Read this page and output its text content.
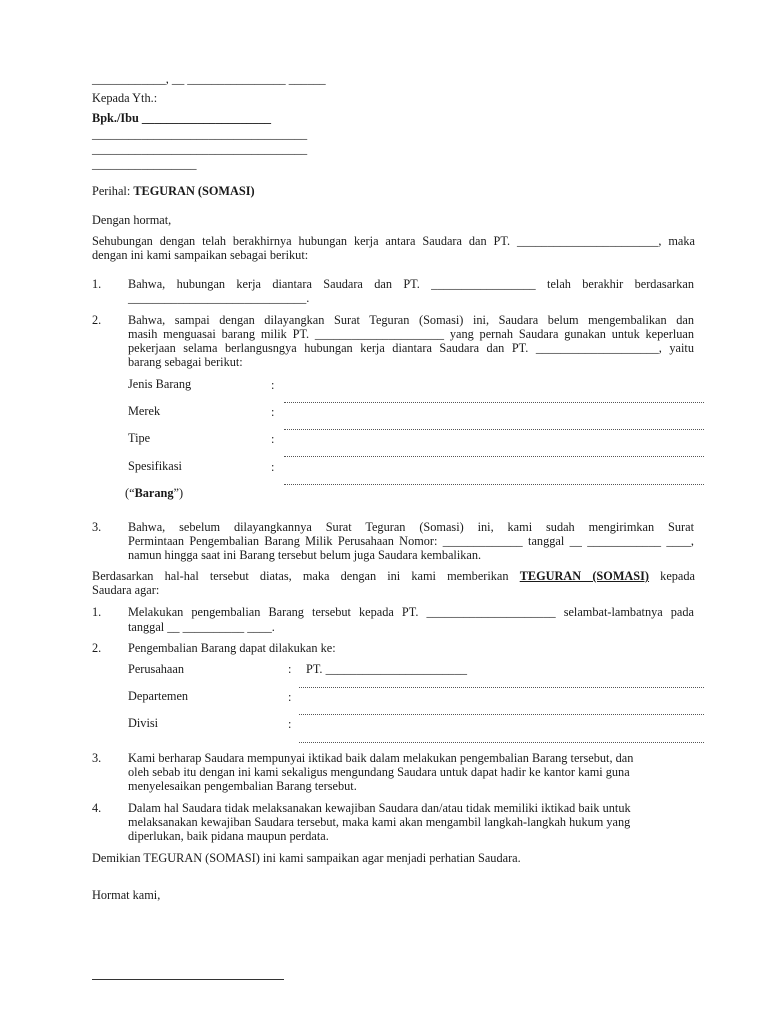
____________, __ ________________ ______
Kepada Yth.:
Bpk./Ibu _____________________
___________________________________
___________________________________
_________________
Perihal: TEGURAN (SOMASI)
Dengan hormat,
Sehubungan dengan telah berakhirnya hubungan kerja antara Saudara dan PT. _______________________, maka
dengan ini kami sampaikan sebagai berikut:
1. Bahwa, hubungan kerja diantara Saudara dan PT. _________________ telah berakhir berdasarkan
_____________________________.
2. Bahwa, sampai dengan dilayangkan Surat Teguran (Somasi) ini, Saudara belum mengembalikan dan
masih menguasai barang milik PT. _____________________ yang pernah Saudara gunakan untuk keperluan
pekerjaan selama berlangusngya hubungan kerja diantara Saudara dan PT. ____________________, yaitu
barang sebagai berikut:
Jenis Barang	:
Merek	:
Tipe	:
Spesifikasi	:
(“Barang”)
3. Bahwa, sebelum dilayangkannya Surat Teguran (Somasi) ini, kami sudah mengirimkan Surat
Permintaan Pengembalian Barang Milik Perusahaan Nomor: _____________ tanggal __ ____________ ____,
namun hingga saat ini Barang tersebut belum juga Saudara kembalikan.
Berdasarkan hal-hal tersebut diatas, maka dengan ini kami memberikan TEGURAN (SOMASI) kepada
Saudara agar:
1. Melakukan pengembalian Barang tersebut kepada PT. _____________________ selambat-lambatnya pada
tanggal __ __________ ____.
2. Pengembalian Barang dapat dilakukan ke:
Perusahaan	: PT. _______________________
Departemen	:
Divisi	:
3. Kami berharap Saudara mempunyai iktikad baik dalam melakukan pengembalian Barang tersebut, dan
oleh sebab itu dengan ini kami sekaligus mengundang Saudara untuk dapat hadir ke kantor kami guna
menyelesaikan pengembalian Barang tersebut.
4. Dalam hal Saudara tidak melaksanakan kewajiban Saudara dan/atau tidak memiliki iktikad baik untuk
melaksanakan kewajiban Saudara tersebut, maka kami akan mengambil langkah-langkah hukum yang
diperlukan, baik pidana maupun perdata.
Demikian TEGURAN (SOMASI) ini kami sampaikan agar menjadi perhatian Saudara.
Hormat kami,
